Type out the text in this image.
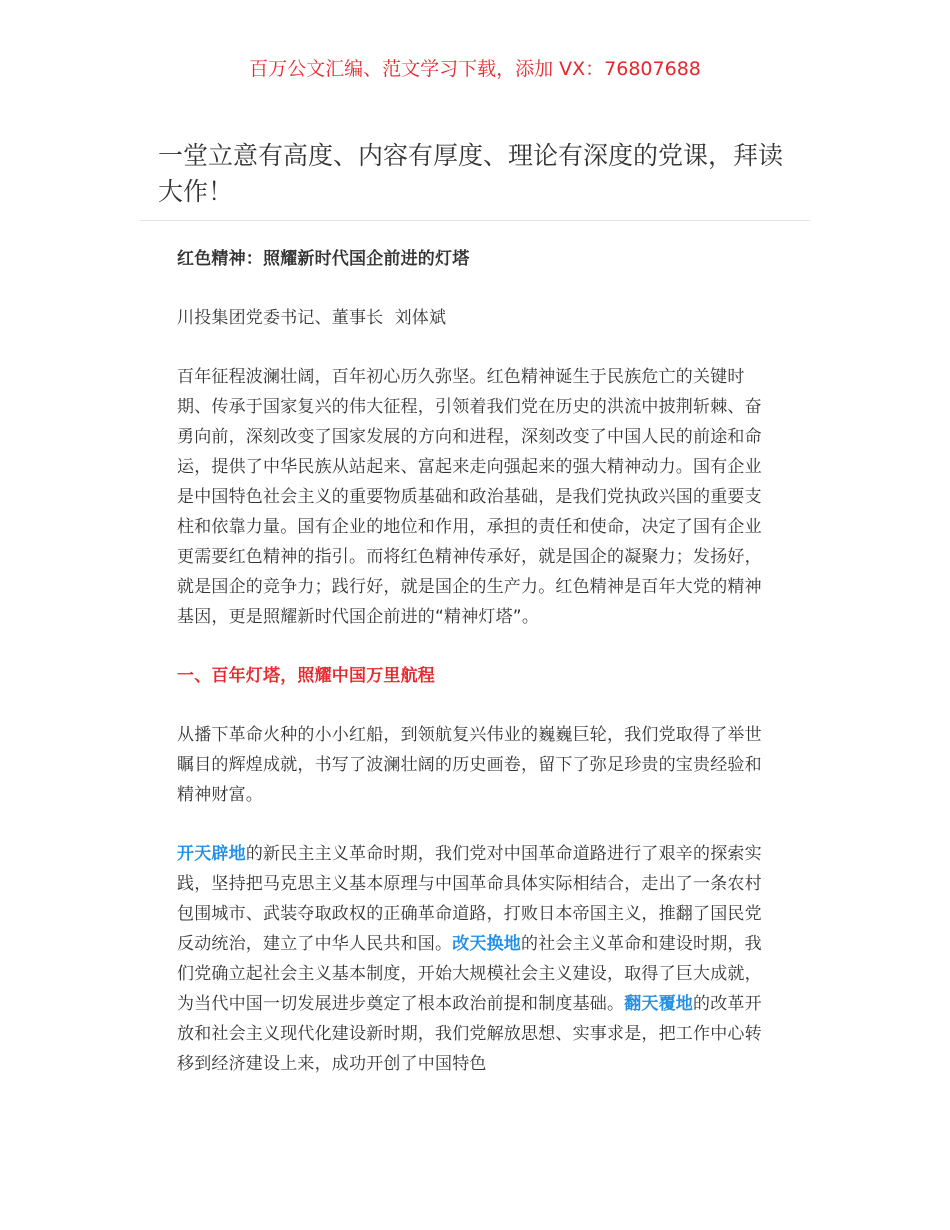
百万公文汇编、范文学习下载，添加 VX：76807688
一堂立意有高度、内容有厚度、理论有深度的党课，拜读大作！

红色精神：照耀新时代国企前进的灯塔

川投集团党委书记、董事长  刘体斌

百年征程波澜壮阔，百年初心历久弥坚。红色精神诞生于民族危亡的关键时期、传承于国家复兴的伟大征程，引领着我们党在历史的洪流中披荆斩棘、奋勇向前，深刻改变了国家发展的方向和进程，深刻改变了中国人民的前途和命运，提供了中华民族从站起来、富起来走向强起来的强大精神动力。国有企业是中国特色社会主义的重要物质基础和政治基础，是我们党执政兴国的重要支柱和依靠力量。国有企业的地位和作用，承担的责任和使命，决定了国有企业更需要红色精神的指引。而将红色精神传承好，就是国企的凝聚力；发扬好，就是国企的竞争力；践行好，就是国企的生产力。红色精神是百年大党的精神基因，更是照耀新时代国企前进的“精神灯塔”。

一、百年灯塔，照耀中国万里航程

从播下革命火种的小小红船，到领航复兴伟业的巍巍巨轮，我们党取得了举世瞩目的辉煌成就，书写了波澜壮阔的历史画卷，留下了弥足珍贵的宝贵经验和精神财富。

开天辟地的新民主主义革命时期，我们党对中国革命道路进行了艰辛的探索实践，坚持把马克思主义基本原理与中国革命具体实际相结合，走出了一条农村包围城市、武装夺取政权的正确革命道路，打败日本帝国主义，推翻了国民党反动统治，建立了中华人民共和国。改天换地的社会主义革命和建设时期，我们党确立起社会主义基本制度，开始大规模社会主义建设，取得了巨大成就，为当代中国一切发展进步奠定了根本政治前提和制度基础。翻天覆地的改革开放和社会主义现代化建设新时期，我们党解放思想、实事求是，把工作中心转移到经济建设上来，成功开创了中国特色
